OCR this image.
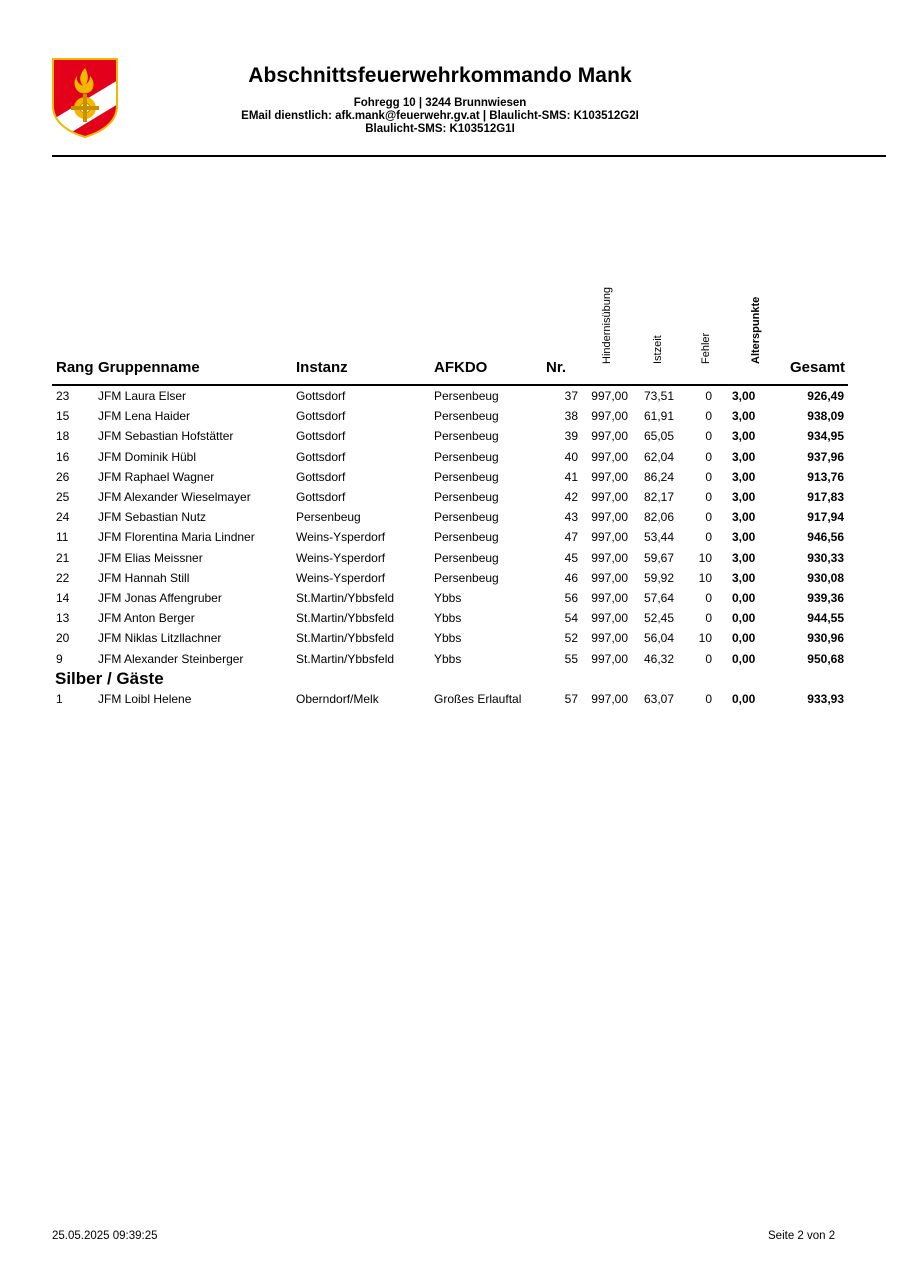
Abschnittsfeuerwehrkommando Mank
Fohregg 10 | 3244 Brunnwiesen
EMail dienstlich: afk.mank@feuerwehr.gv.at | Blaulicht-SMS: K103512G2I
Blaulicht-SMS: K103512G1I
Rang	Gruppenname	Instanz	AFKDO	Nr.	Hindernisübung	Istzeit	Fehler	Alterspunkte	Gesamt
23	JFM Laura Elser	Gottsdorf	Persenbeug	37	997,00	73,51	0	3,00	926,49
15	JFM Lena Haider	Gottsdorf	Persenbeug	38	997,00	61,91	0	3,00	938,09
18	JFM Sebastian Hofstätter	Gottsdorf	Persenbeug	39	997,00	65,05	0	3,00	934,95
16	JFM Dominik Hübl	Gottsdorf	Persenbeug	40	997,00	62,04	0	3,00	937,96
26	JFM Raphael Wagner	Gottsdorf	Persenbeug	41	997,00	86,24	0	3,00	913,76
25	JFM Alexander Wieselmayer	Gottsdorf	Persenbeug	42	997,00	82,17	0	3,00	917,83
24	JFM Sebastian Nutz	Persenbeug	Persenbeug	43	997,00	82,06	0	3,00	917,94
11	JFM Florentina Maria Lindner	Weins-Ysperdorf	Persenbeug	47	997,00	53,44	0	3,00	946,56
21	JFM Elias Meissner	Weins-Ysperdorf	Persenbeug	45	997,00	59,67	10	3,00	930,33
22	JFM Hannah Still	Weins-Ysperdorf	Persenbeug	46	997,00	59,92	10	3,00	930,08
14	JFM Jonas Affengruber	St.Martin/Ybbsfeld	Ybbs	56	997,00	57,64	0	0,00	939,36
13	JFM Anton Berger	St.Martin/Ybbsfeld	Ybbs	54	997,00	52,45	0	0,00	944,55
20	JFM Niklas Litzllachner	St.Martin/Ybbsfeld	Ybbs	52	997,00	56,04	10	0,00	930,96
9	JFM Alexander Steinberger	St.Martin/Ybbsfeld	Ybbs	55	997,00	46,32	0	0,00	950,68
Silber / Gäste									
1	JFM Loibl Helene	Oberndorf/Melk	Großes Erlauftal	57	997,00	63,07	0	0,00	933,93
25.05.2025 09:39:25	Seite 2 von 2
